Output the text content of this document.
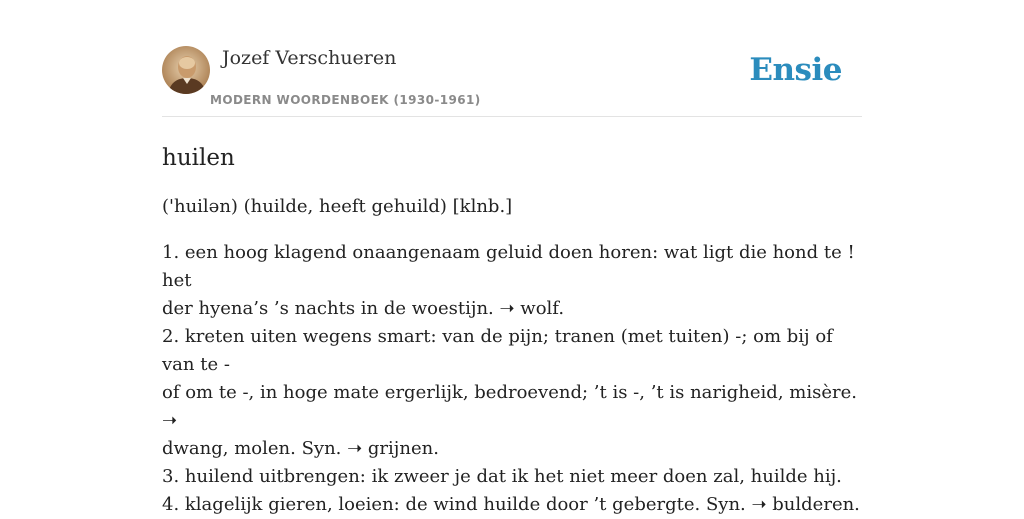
Jozef Verschueren
MODERN WOORDENBOEK (1930-1961)
Ensie
huilen
('huilən) (huilde, heeft gehuild) [klnb.]
1. een hoog klagend onaangenaam geluid doen horen: wat ligt die hond te ! het
der hyena’s ’s nachts in de woestijn. ➝ wolf.
2. kreten uiten wegens smart: van de pijn; tranen (met tuiten) -; om bij of van te -
of om te -, in hoge mate ergerlijk, bedroevend; ’t is -, ’t is narigheid, misère. ➝
dwang, molen. Syn. ➝ grijnen.
3. huilend uitbrengen: ik zweer je dat ik het niet meer doen zal, huilde hij.
4. klagelijk gieren, loeien: de wind huilde door ’t gebergte. Syn. ➝ bulderen.
